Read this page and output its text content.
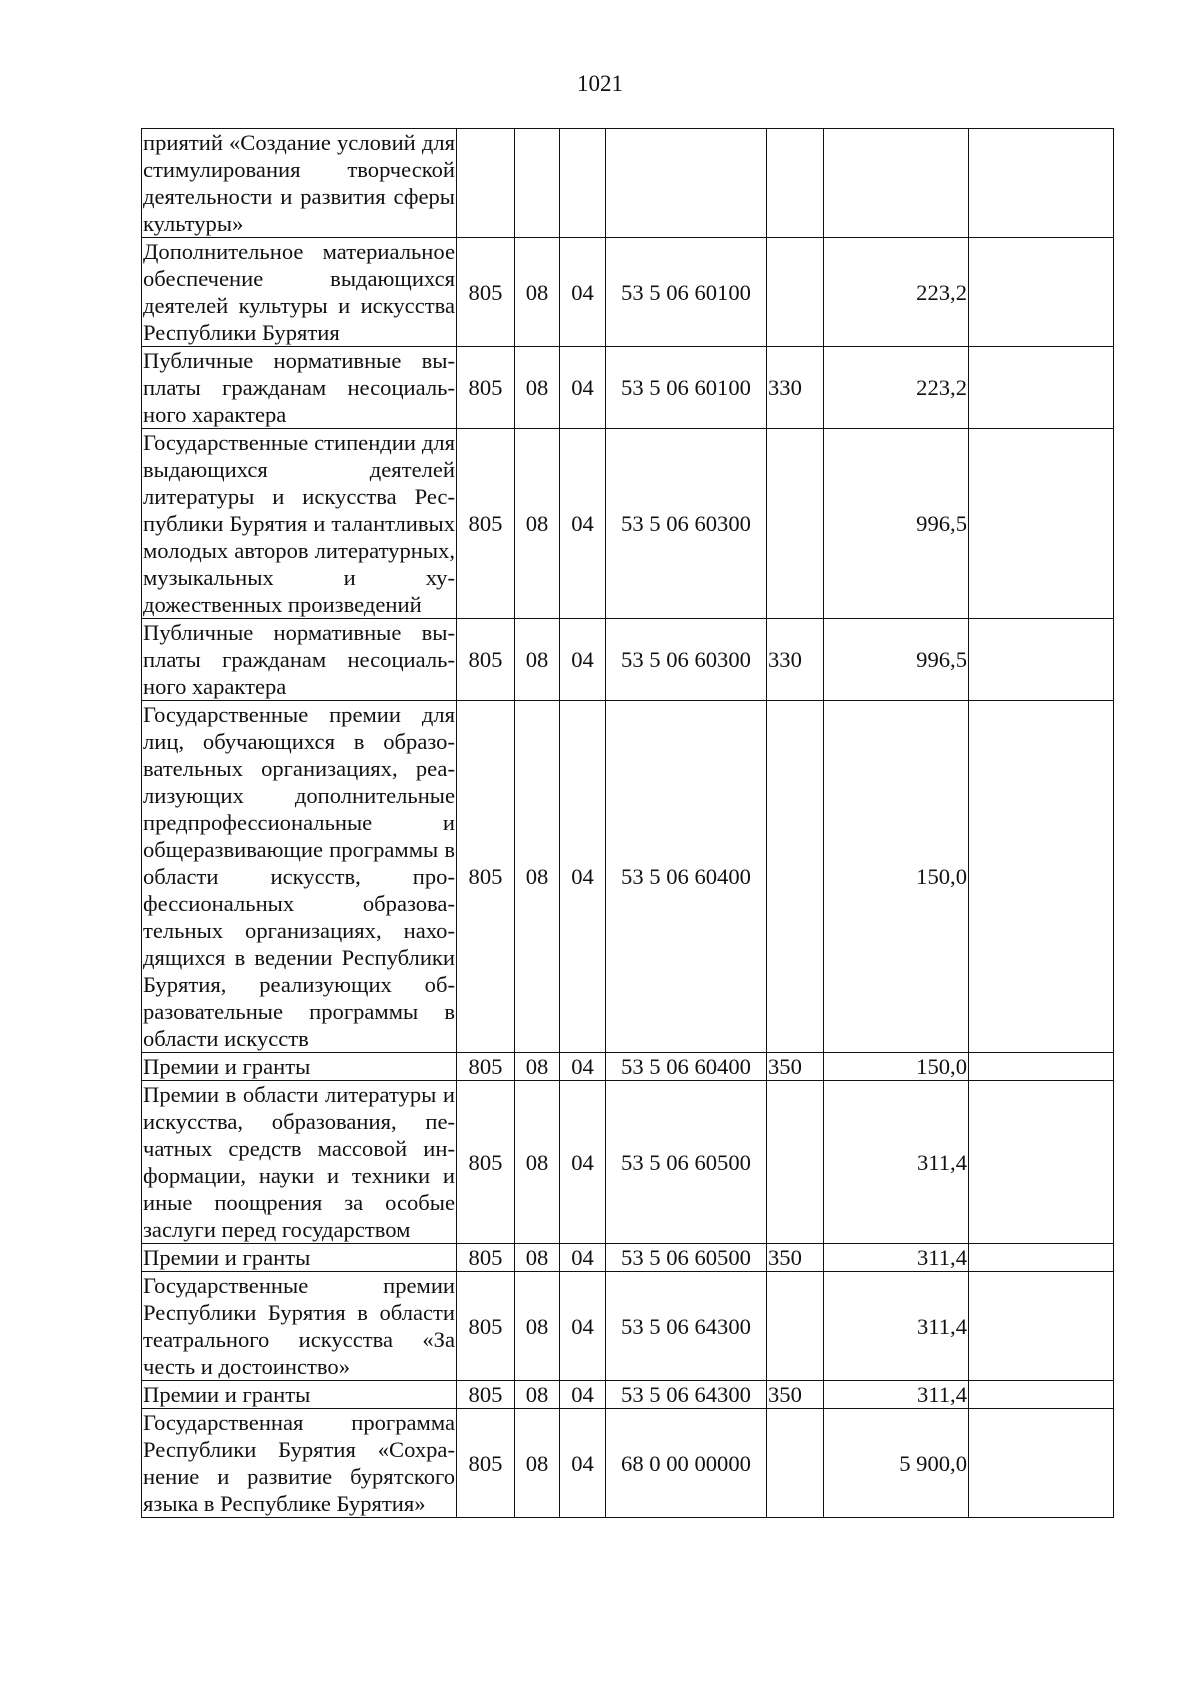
1021
приятий «Создание условий для стимулирования творческой деятельности и развития сферы культуры»							
Дополнительное материальное обеспечение выдающихся деятелей культуры и искусства Республики Бурятия	805	08	04	53 5 06 60100		223,2	
Публичные нормативные выплаты гражданам несоциального характера	805	08	04	53 5 06 60100	330	223,2	
Государственные стипендии для выдающихся деятелей литературы и искусства Республики Бурятия и талантливых молодых авторов литературных, музыкальных и художественных произведений	805	08	04	53 5 06 60300		996,5	
Публичные нормативные выплаты гражданам несоциального характера	805	08	04	53 5 06 60300	330	996,5	
Государственные премии для лиц, обучающихся в образовательных организациях, реализующих дополнительные предпрофессиональные и общеразвивающие программы в области искусств, профессиональных образовательных организациях, находящихся в ведении Республики Бурятия, реализующих образовательные программы в области искусств	805	08	04	53 5 06 60400		150,0	
Премии и гранты	805	08	04	53 5 06 60400	350	150,0	
Премии в области литературы и искусства, образования, печатных средств массовой информации, науки и техники и иные поощрения за особые заслуги перед государством	805	08	04	53 5 06 60500		311,4	
Премии и гранты	805	08	04	53 5 06 60500	350	311,4	
Государственные премии Республики Бурятия в области театрального искусства «За честь и достоинство»	805	08	04	53 5 06 64300		311,4	
Премии и гранты	805	08	04	53 5 06 64300	350	311,4	
Государственная программа Республики Бурятия «Сохранение и развитие бурятского языка в Республике Бурятия»	805	08	04	68 0 00 00000		5 900,0	
